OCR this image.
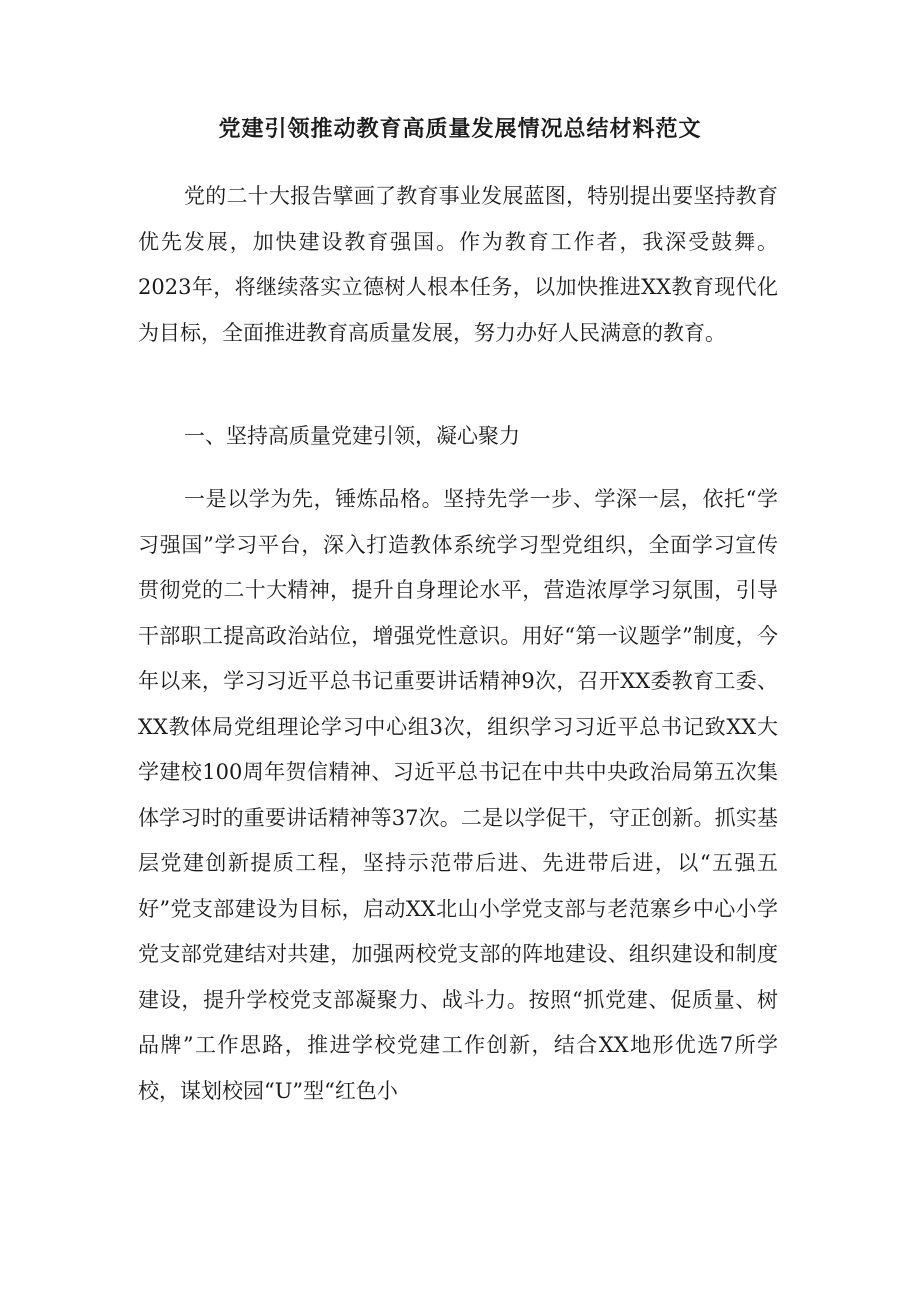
党建引领推动教育高质量发展情况总结材料范文

党的二十大报告擘画了教育事业发展蓝图，特别提出要坚持教育优先发展，加快建设教育强国。作为教育工作者，我深受鼓舞。2023年，将继续落实立德树人根本任务，以加快推进XX教育现代化为目标，全面推进教育高质量发展，努力办好人民满意的教育。

一、坚持高质量党建引领，凝心聚力

一是以学为先，锤炼品格。坚持先学一步、学深一层，依托“学习强国”学习平台，深入打造教体系统学习型党组织，全面学习宣传贯彻党的二十大精神，提升自身理论水平，营造浓厚学习氛围，引导干部职工提高政治站位，增强党性意识。用好“第一议题学”制度，今年以来，学习习近平总书记重要讲话精神9次，召开XX委教育工委、XX教体局党组理论学习中心组3次，组织学习习近平总书记致XX大学建校100周年贺信精神、习近平总书记在中共中央政治局第五次集体学习时的重要讲话精神等37次。二是以学促干，守正创新。抓实基层党建创新提质工程，坚持示范带后进、先进带后进，以“五强五好”党支部建设为目标，启动XX北山小学党支部与老范寨乡中心小学党支部党建结对共建，加强两校党支部的阵地建设、组织建设和制度建设，提升学校党支部凝聚力、战斗力。按照“抓党建、促质量、树品牌”工作思路，推进学校党建工作创新，结合XX地形优选7所学校，谋划校园“U”型“红色小
